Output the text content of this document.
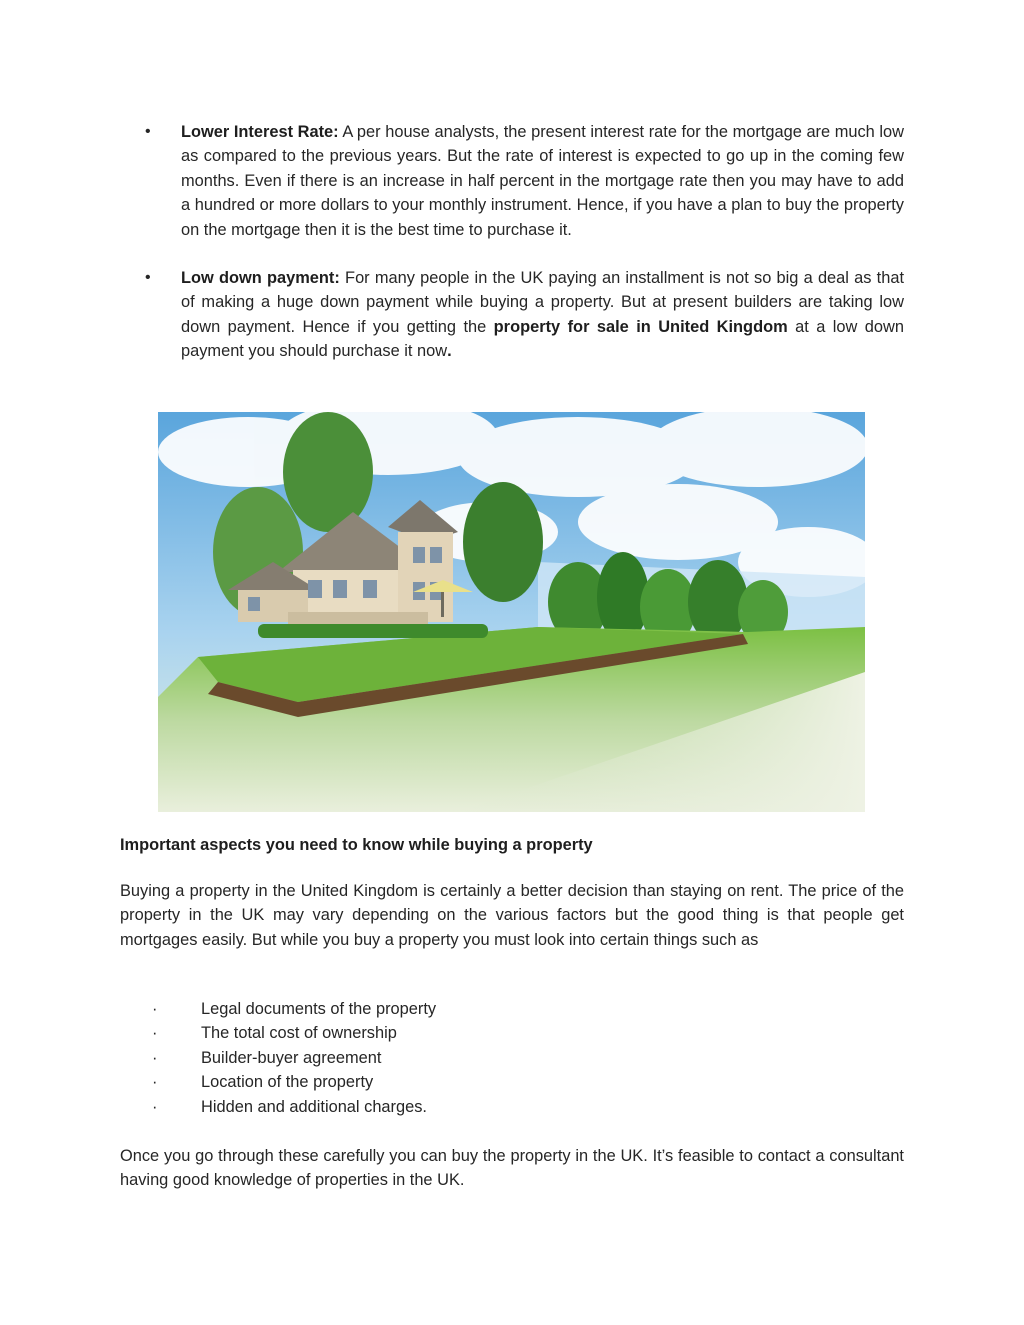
• Lower Interest Rate: A per house analysts, the present interest rate for the mortgage are much low as compared to the previous years. But the rate of interest is expected to go up in the coming few months. Even if there is an increase in half percent in the mortgage rate then you may have to add a hundred or more dollars to your monthly instrument. Hence, if you have a plan to buy the property on the mortgage then it is the best time to purchase it.
• Low down payment: For many people in the UK paying an installment is not so big a deal as that of making a huge down payment while buying a property. But at present builders are taking low down payment. Hence if you getting the property for sale in United Kingdom at a low down payment you should purchase it now.
Important aspects you need to know while buying a property

Buying a property in the United Kingdom is certainly a better decision than staying on rent. The price of the property in the UK may vary depending on the various factors but the good thing is that people get mortgages easily. But while you buy a property you must look into certain things such as

·	Legal documents of the property
·	The total cost of ownership
·	Builder-buyer agreement
·	Location of the property
·	Hidden and additional charges.

Once you go through these carefully you can buy the property in the UK. It’s feasible to contact a consultant having good knowledge of properties in the UK.
